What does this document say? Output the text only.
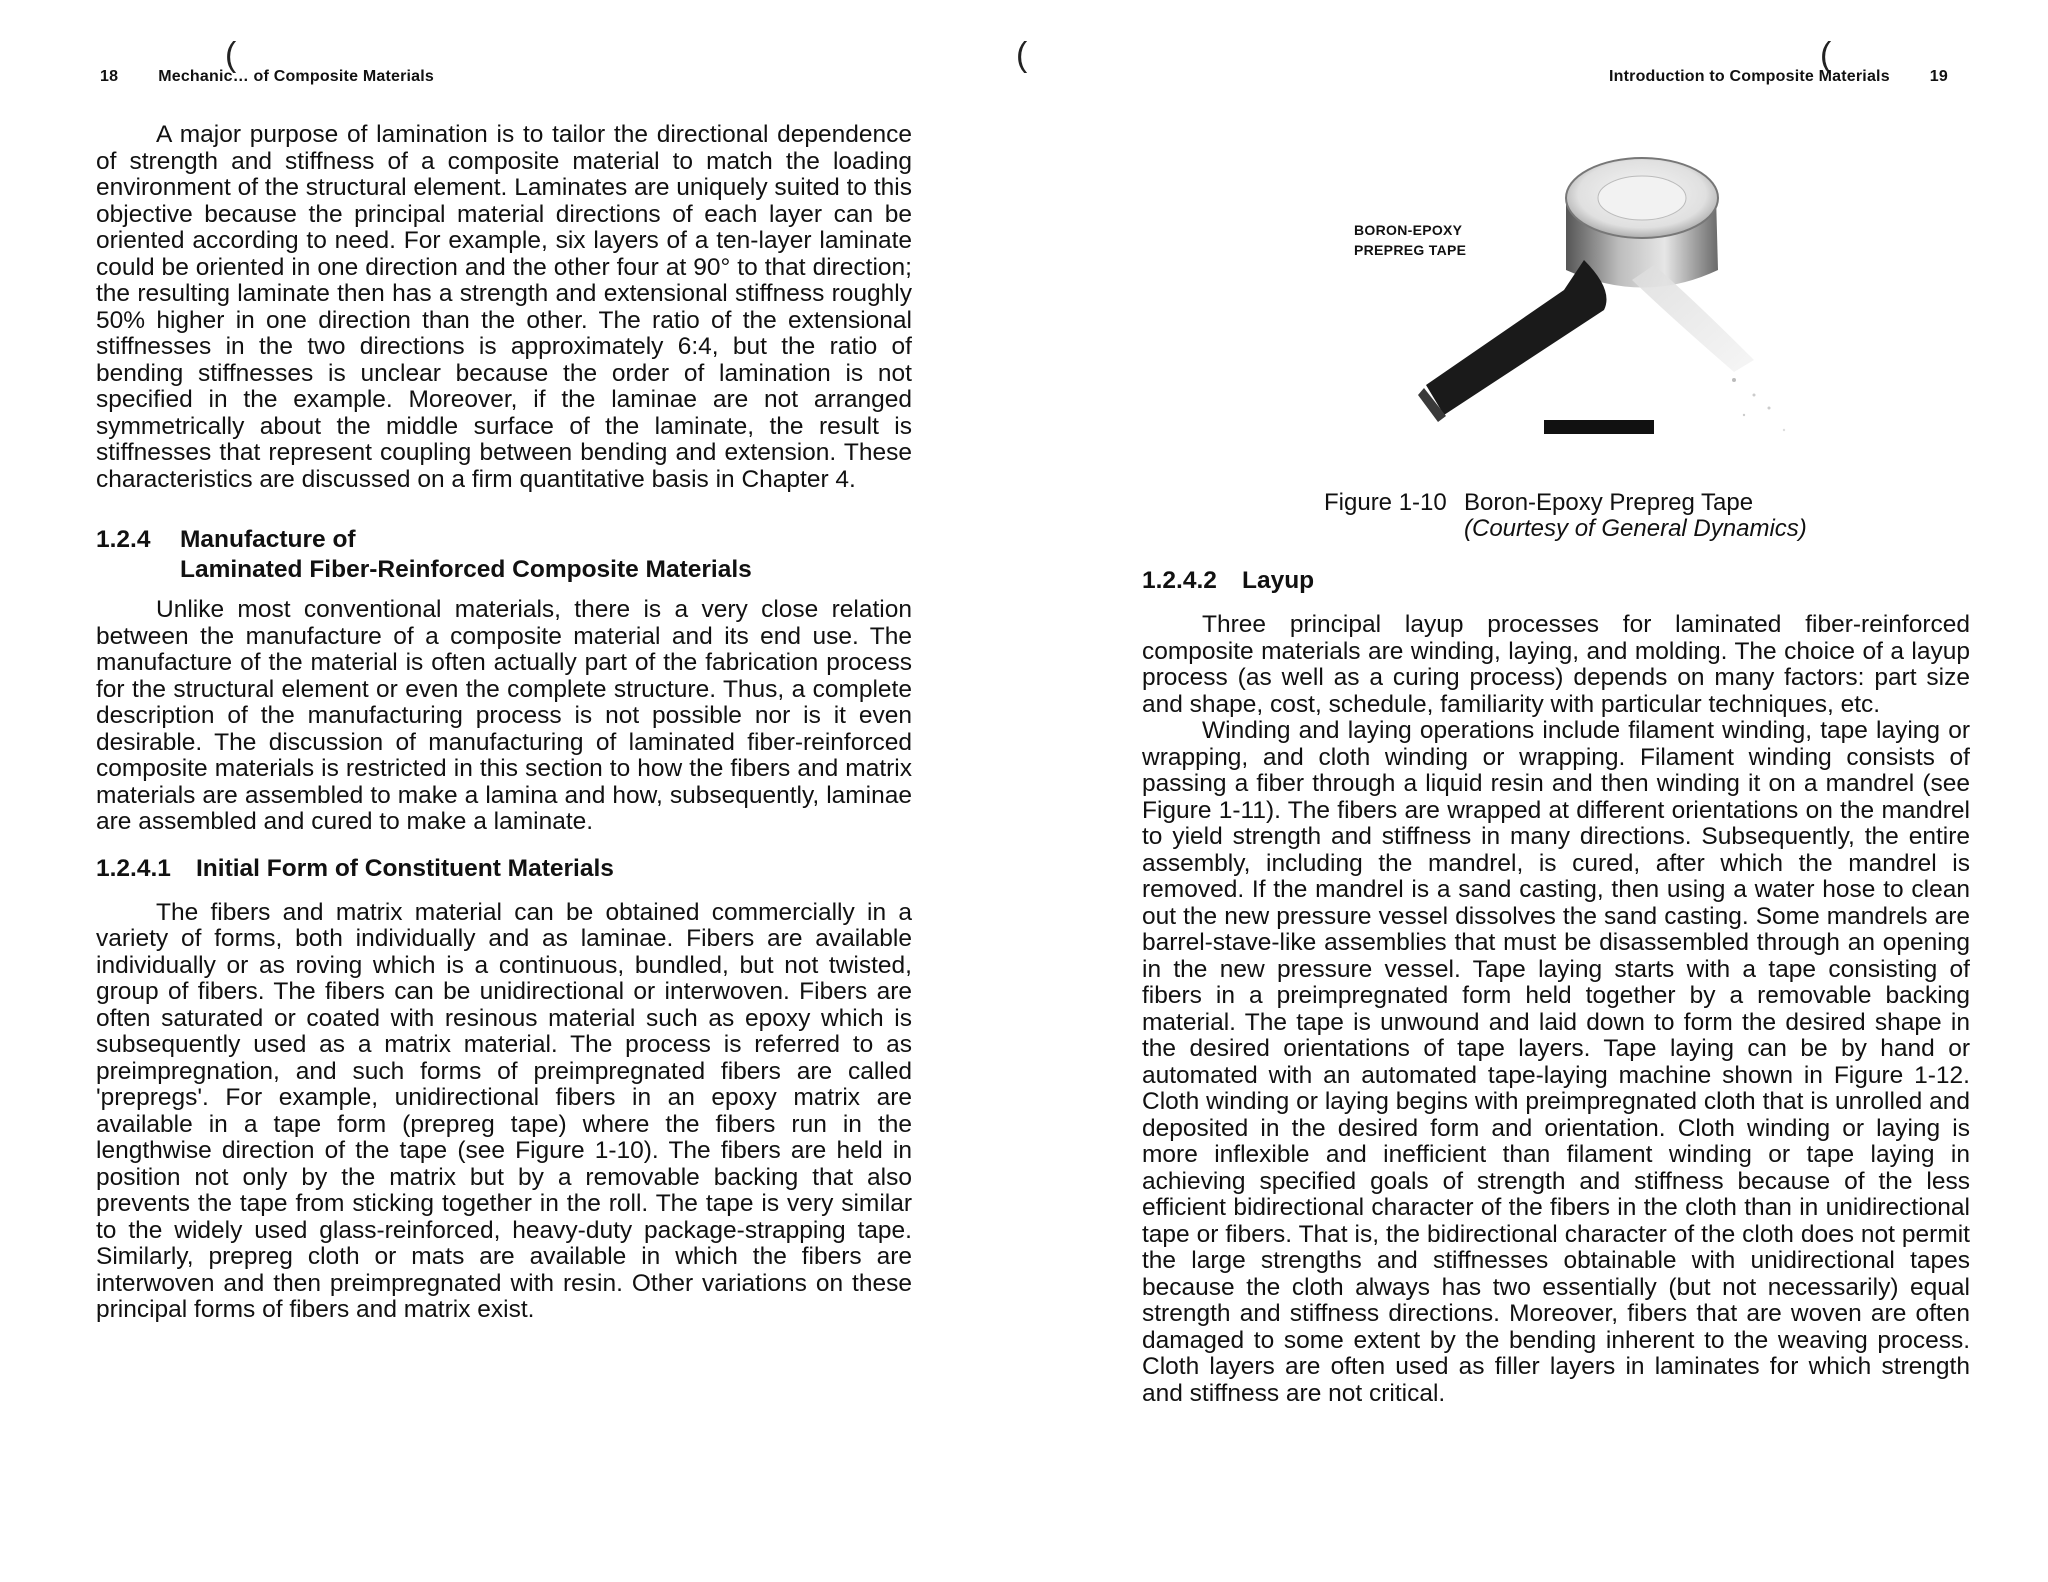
(
18	Mechanic… of Composite Materials

A major purpose of lamination is to tailor the directional dependence of strength and stiffness of a composite material to match the loading environment of the structural element. Laminates are uniquely suited to this objective because the principal material directions of each layer can be oriented according to need. For example, six layers of a ten-layer laminate could be oriented in one direction and the other four at 90° to that direction; the resulting laminate then has a strength and extensional stiffness roughly 50% higher in one direction than the other. The ratio of the extensional stiffnesses in the two directions is approximately 6:4, but the ratio of bending stiffnesses is unclear because the order of lamination is not specified in the example. Moreover, if the laminae are not arranged symmetrically about the middle surface of the laminate, the result is stiffnesses that represent coupling between bending and extension. These characteristics are discussed on a firm quantitative basis in Chapter 4.

1.2.4 Manufacture of
Laminated Fiber-Reinforced Composite Materials

Unlike most conventional materials, there is a very close relation between the manufacture of a composite material and its end use. The manufacture of the material is often actually part of the fabrication process for the structural element or even the complete structure. Thus, a complete description of the manufacturing process is not possible nor is it even desirable. The discussion of manufacturing of laminated fiber-reinforced composite materials is restricted in this section to how the fibers and matrix materials are assembled to make a lamina and how, subsequently, laminae are assembled and cured to make a laminate.

1.2.4.1 Initial Form of Constituent Materials

The fibers and matrix material can be obtained commercially in a variety of forms, both individually and as laminae. Fibers are available individually or as roving which is a continuous, bundled, but not twisted, group of fibers. The fibers can be unidirectional or interwoven. Fibers are often saturated or coated with resinous material such as epoxy which is subsequently used as a matrix material. The process is referred to as preimpregnation, and such forms of preimpregnated fibers are called 'prepregs'. For example, unidirectional fibers in an epoxy matrix are available in a tape form (prepreg tape) where the fibers run in the lengthwise direction of the tape (see Figure 1-10). The fibers are held in position not only by the matrix but by a removable backing that also prevents the tape from sticking together in the roll. The tape is very similar to the widely used glass-reinforced, heavy-duty package-strapping tape. Similarly, prepreg cloth or mats are available in which the fibers are interwoven and then preimpregnated with resin. Other variations on these principal forms of fibers and matrix exist.

(	(
Introduction to Composite Materials	19
BORON-EPOXY
PREPREG TAPE
Figure 1-10 Boron-Epoxy Prepreg Tape
(Courtesy of General Dynamics)
1.2.4.2 Layup

Three principal layup processes for laminated fiber-reinforced composite materials are winding, laying, and molding. The choice of a layup process (as well as a curing process) depends on many factors: part size and shape, cost, schedule, familiarity with particular techniques, etc.

Winding and laying operations include filament winding, tape laying or wrapping, and cloth winding or wrapping. Filament winding consists of passing a fiber through a liquid resin and then winding it on a mandrel (see Figure 1-11). The fibers are wrapped at different orientations on the mandrel to yield strength and stiffness in many directions. Subsequently, the entire assembly, including the mandrel, is cured, after which the mandrel is removed. If the mandrel is a sand casting, then using a water hose to clean out the new pressure vessel dissolves the sand casting. Some mandrels are barrel-stave-like assemblies that must be disassembled through an opening in the new pressure vessel. Tape laying starts with a tape consisting of fibers in a preimpregnated form held together by a removable backing material. The tape is unwound and laid down to form the desired shape in the desired orientations of tape layers. Tape laying can be by hand or automated with an automated tape-laying machine shown in Figure 1-12. Cloth winding or laying begins with preimpregnated cloth that is unrolled and deposited in the desired form and orientation. Cloth winding or laying is more inflexible and inefficient than filament winding or tape laying in achieving specified goals of strength and stiffness because of the less efficient bidirectional character of the fibers in the cloth than in unidirectional tape or fibers. That is, the bidirectional character of the cloth does not permit the large strengths and stiffnesses obtainable with unidirectional tapes because the cloth always has two essentially (but not necessarily) equal strength and stiffness directions. Moreover, fibers that are woven are often damaged to some extent by the bending inherent to the weaving process. Cloth layers are often used as filler layers in laminates for which strength and stiffness are not critical.
